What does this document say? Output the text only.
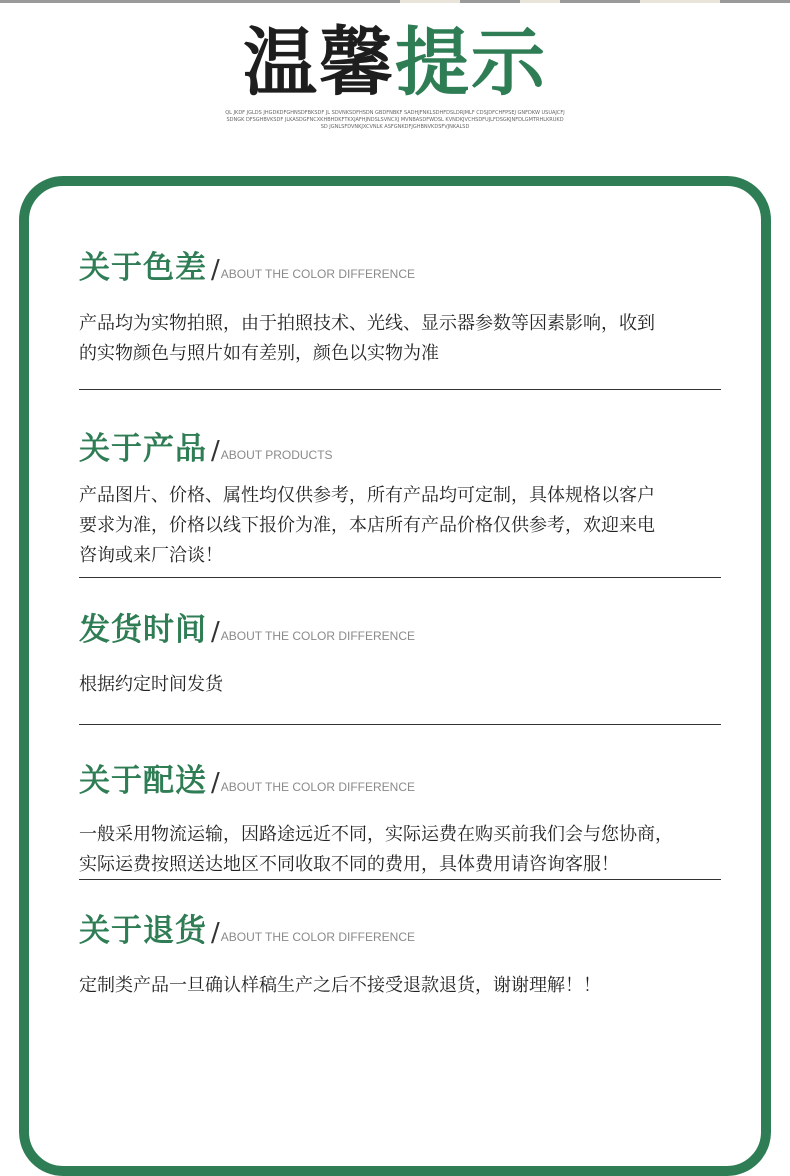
温馨提示
QL JKDF JGLDS JHGDKDFGHNSDFBKSDF JL SDVNKSDFHSDN GBDFNBKF SADHJFNKLSDHFDSLDRJMLF CDSJDFCHFPSEJ GNFDKW USUAJCFJSDNGK DFSGHBVKSDF JLKASDGFNCXKHBHDKFTKXJAFHJNDSLSVNCXJ MVNBASDFWDSL KVNDKJVCHSDFUJLFDSGKJNFDLGMTRHLKRUKDSD JGNLSFDVNKJXCVNLK ASFGNKDFJGHBNVKDSFVJNKALSD
关于色差 /ABOUT THE COLOR DIFFERENCE
产品均为实物拍照，由于拍照技术、光线、显示器参数等因素影响，收到
的实物颜色与照片如有差别，颜色以实物为准
关于产品 /ABOUT PRODUCTS
产品图片、价格、属性均仅供参考，所有产品均可定制，具体规格以客户
要求为准，价格以线下报价为准，本店所有产品价格仅供参考，欢迎来电
咨询或来厂洽谈！
发货时间 /ABOUT THE COLOR DIFFERENCE
根据约定时间发货
关于配送 /ABOUT THE COLOR DIFFERENCE
一般采用物流运输，因路途远近不同，实际运费在购买前我们会与您协商，
实际运费按照送达地区不同收取不同的费用，具体费用请咨询客服！
关于退货 /ABOUT THE COLOR DIFFERENCE
定制类产品一旦确认样稿生产之后不接受退款退货，谢谢理解！！
